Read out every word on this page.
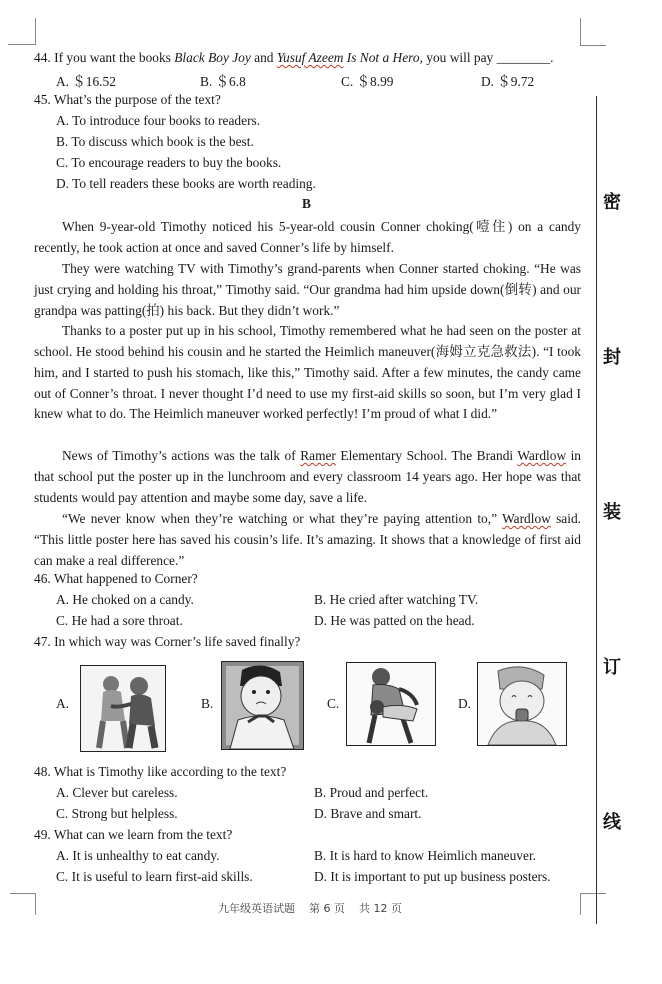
密
封
装
订
线
44. If you want the books Black Boy Joy and Yusuf Azeem Is Not a Hero, you will pay ________.
A. ＄16.52	B. ＄6.8	C. ＄8.99	D. ＄9.72
45. What’s the purpose of the text?
A. To introduce four books to readers.
B. To discuss which book is the best.
C. To encourage readers to buy the books.
D. To tell readers these books are worth reading.
B
When 9-year-old Timothy noticed his 5-year-old cousin Conner choking(噎住) on a candy recently, he took action at once and saved Conner’s life by himself.
They were watching TV with Timothy’s grand-parents when Conner started choking. “He was just crying and holding his throat,” Timothy said. “Our grandma had him upside down(倒转) and our grandpa was patting(拍) his back. But they didn’t work.”
Thanks to a poster put up in his school, Timothy remembered what he had seen on the poster at school. He stood behind his cousin and he started the Heimlich maneuver(海姆立克急救法). “I took him, and I started to push his stomach, like this,” Timothy said. After a few minutes, the candy came out of Conner’s throat. I never thought I’d need to use my first-aid skills so soon, but I’m very glad I knew what to do. The Heimlich maneuver worked perfectly! I’m proud of what I did.”
News of Timothy’s actions was the talk of Ramer Elementary School. The Brandi Wardlow in that school put the poster up in the lunchroom and every classroom 14 years ago. Her hope was that students would pay attention and maybe some day, save a life.
“We never know when they’re watching or what they’re paying attention to,” Wardlow said. “This little poster here has saved his cousin’s life. It’s amazing. It shows that a knowledge of first aid can make a real difference.”
46. What happened to Corner?
A. He choked on a candy.	B. He cried after watching TV.
C. He had a sore throat.	D. He was patted on the head.
47. In which way was Corner’s life saved finally?
A.	B.	C.	D.
48. What is Timothy like according to the text?
A. Clever but careless.	B. Proud and perfect.
C. Strong but helpless.	D. Brave and smart.
49. What can we learn from the text?
A. It is unhealthy to eat candy.	B. It is hard to know Heimlich maneuver.
C. It is useful to learn first-aid skills.	D. It is important to put up business posters.
九年级英语试题    第 6 页    共 12 页
